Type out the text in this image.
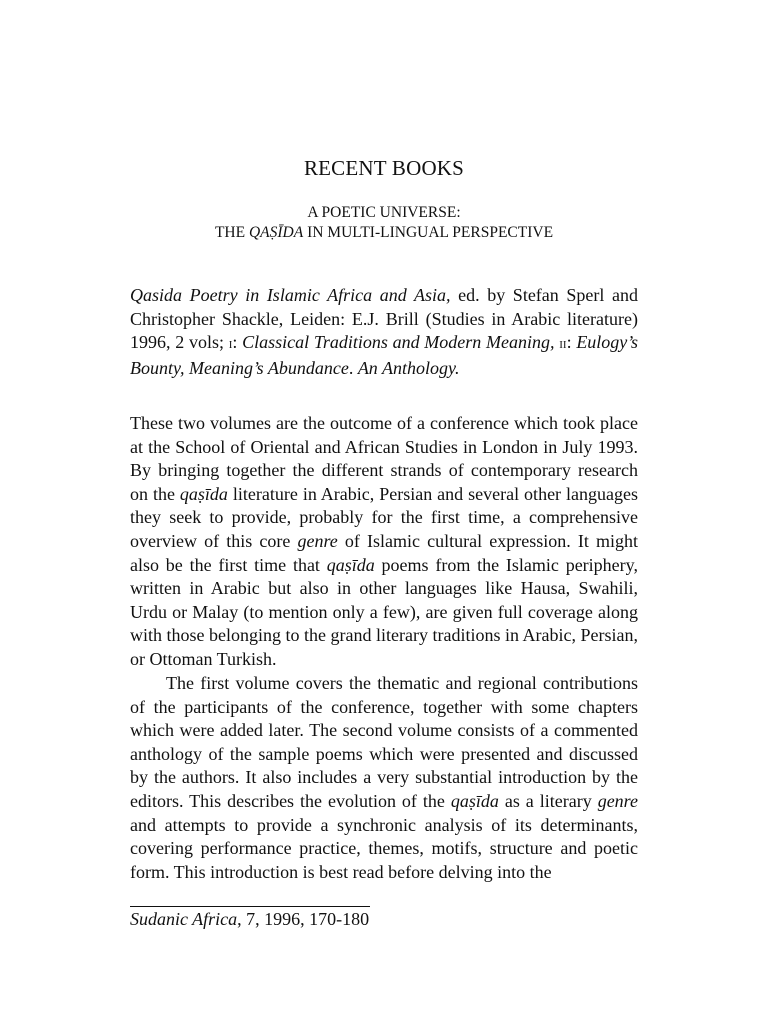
RECENT BOOKS
A POETIC UNIVERSE:
THE QAṢĪDA IN MULTI-LINGUAL PERSPECTIVE

Qasida Poetry in Islamic Africa and Asia, ed. by Stefan Sperl and Christopher Shackle, Leiden: E.J. Brill (Studies in Arabic literature) 1996, 2 vols; i: Classical Traditions and Modern Meaning, ii: Eulogy’s Bounty, Meaning’s Abundance. An Anthology.

These two volumes are the outcome of a conference which took place at the School of Oriental and African Studies in London in July 1993. By bringing together the different strands of contemporary research on the qaṣīda literature in Arabic, Persian and several other languages they seek to provide, probably for the first time, a comprehensive overview of this core genre of Islamic cultural expression. It might also be the first time that qaṣīda poems from the Islamic periphery, written in Arabic but also in other languages like Hausa, Swahili, Urdu or Malay (to mention only a few), are given full coverage along with those belonging to the grand literary traditions in Arabic, Persian, or Ottoman Turkish.

The first volume covers the thematic and regional contributions of the participants of the conference, together with some chapters which were added later. The second volume consists of a commented anthology of the sample poems which were presented and discussed by the authors. It also includes a very substantial introduction by the editors. This describes the evolution of the qaṣīda as a literary genre and attempts to provide a synchronic analysis of its determinants, covering performance practice, themes, motifs, structure and poetic form. This introduction is best read before delving into the

Sudanic Africa, 7, 1996, 170-180
